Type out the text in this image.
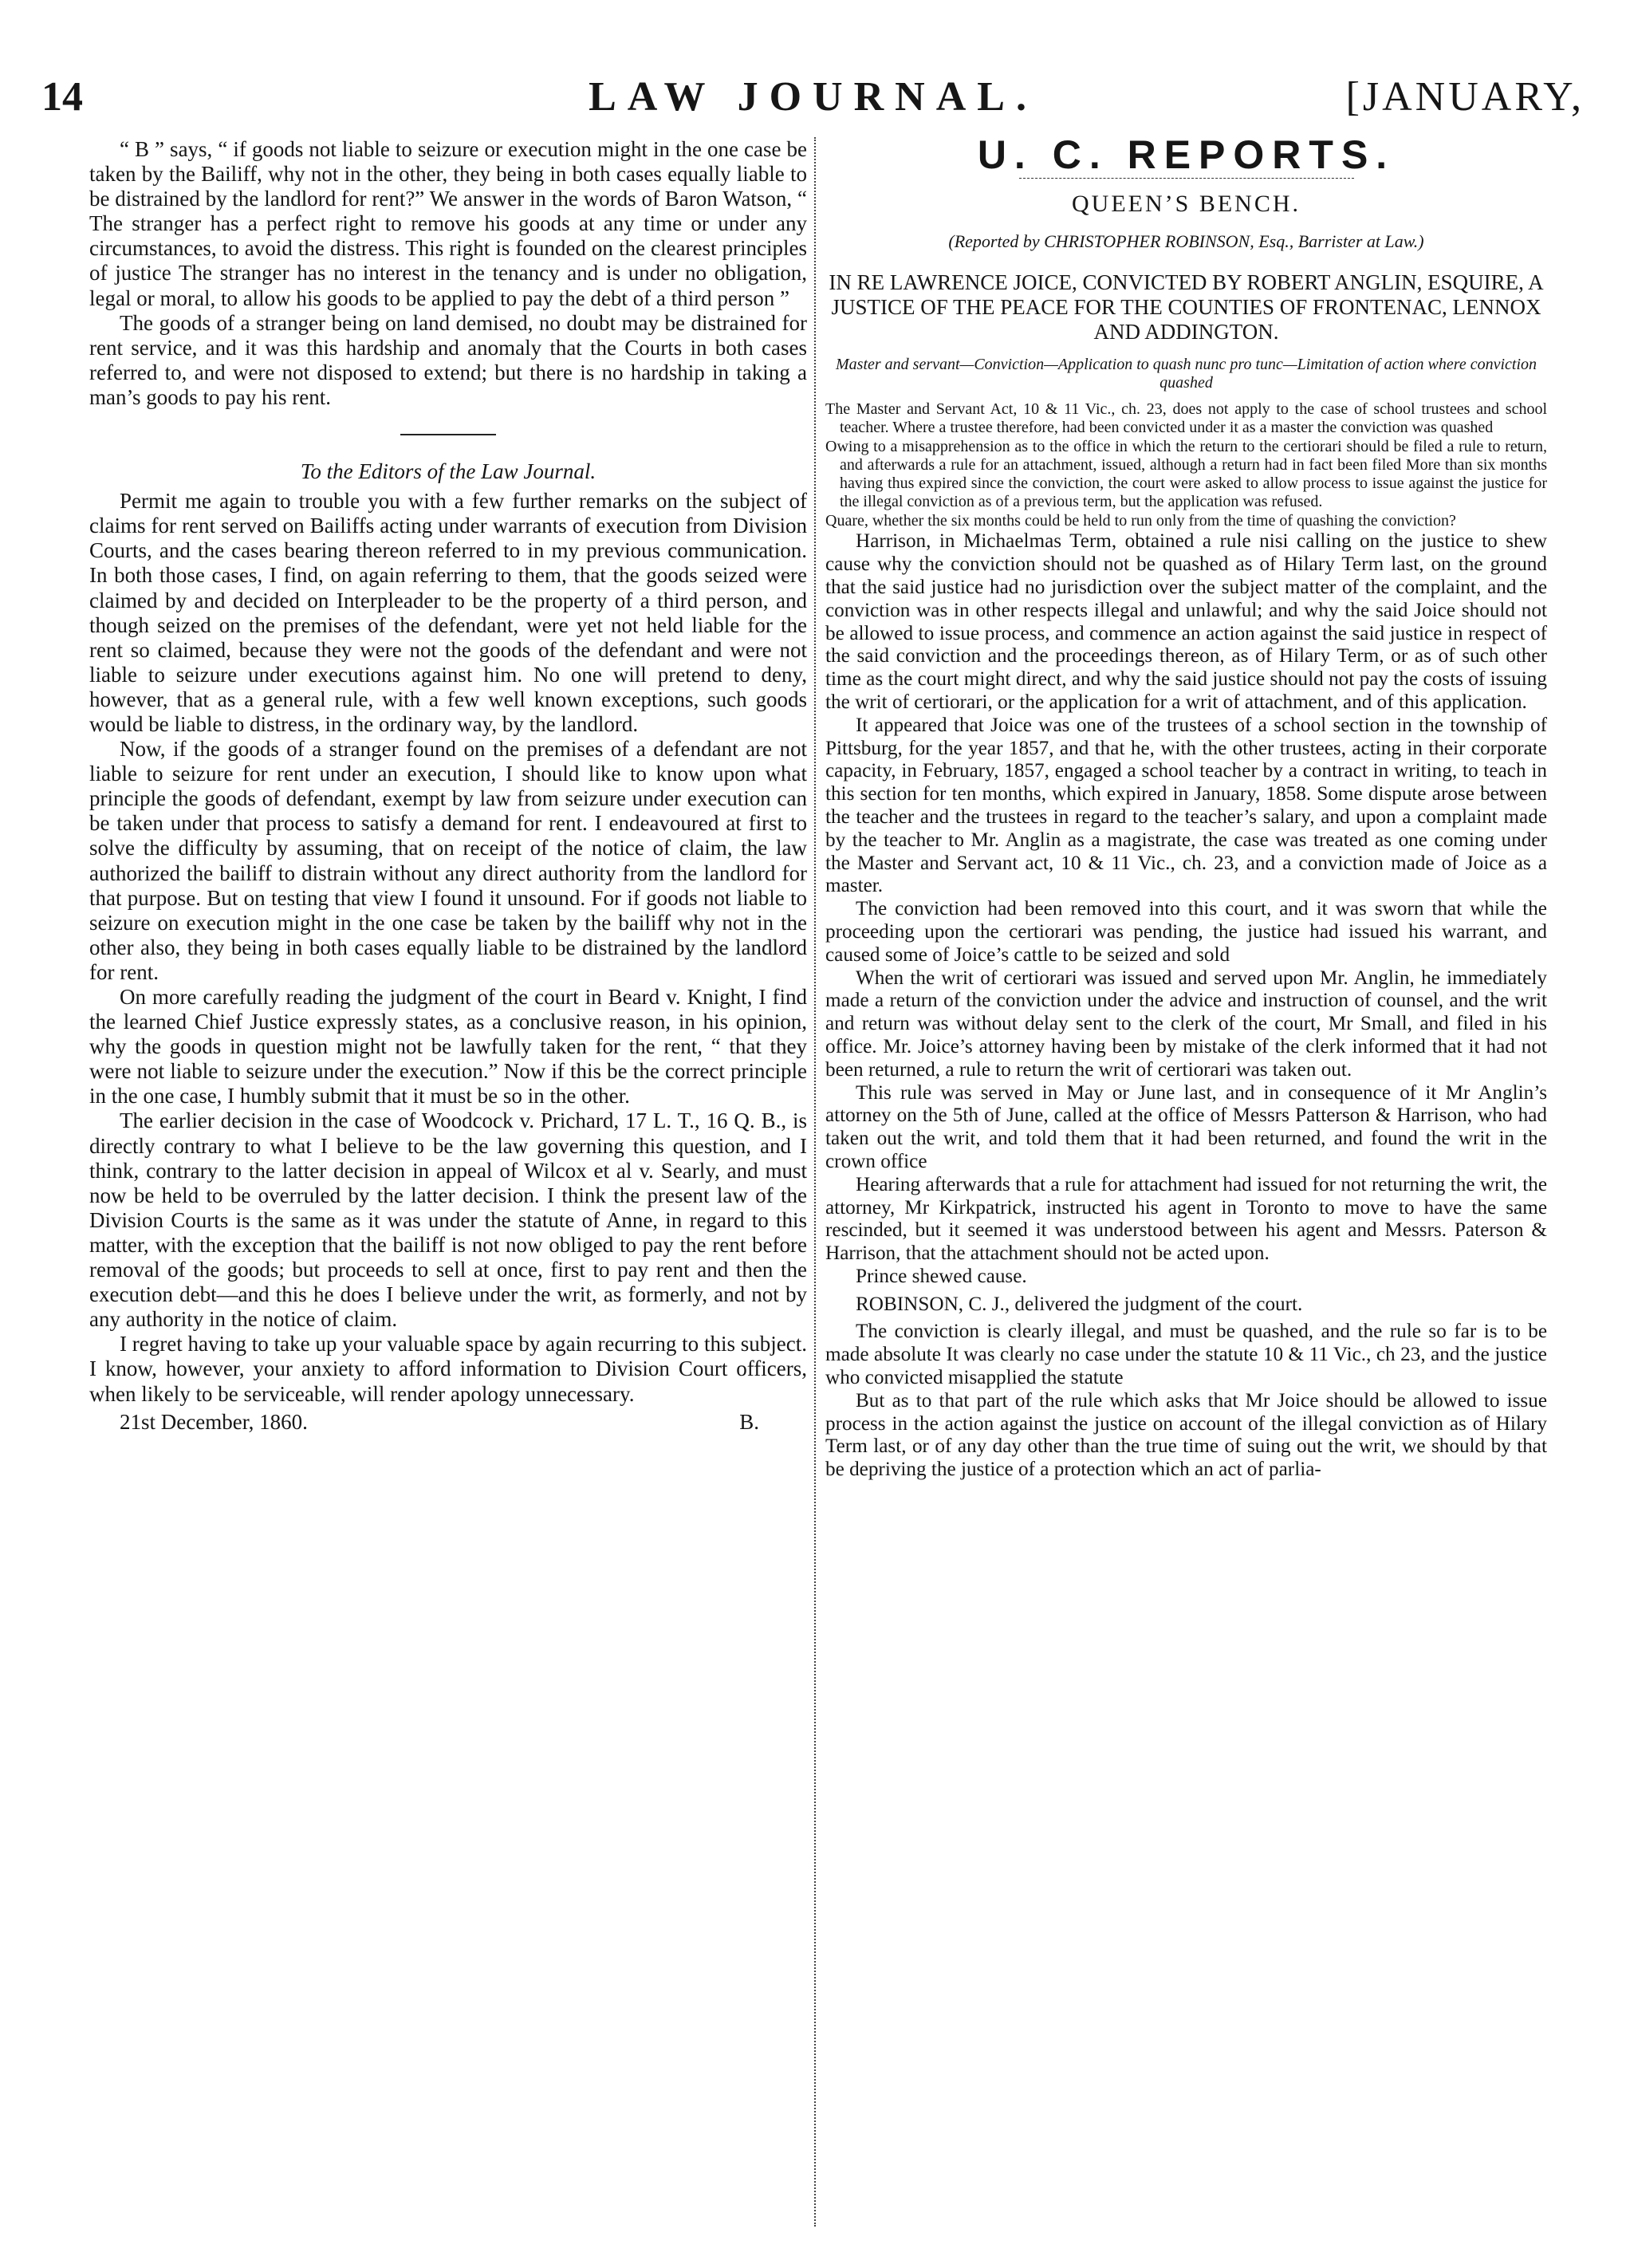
14	LAW JOURNAL.	[JANUARY,

“ B ” says, “ if goods not liable to seizure or execution might in the one case be taken by the Bailiff, why not in the other, they being in both cases equally liable to be distrained by the landlord for rent?” We answer in the words of Baron Watson, “ The stranger has a perfect right to remove his goods at any time or under any circumstances, to avoid the distress. This right is founded on the clearest principles of justice The stranger has no interest in the tenancy and is under no obligation, legal or moral, to allow his goods to be applied to pay the debt of a third person ”

The goods of a stranger being on land demised, no doubt may be distrained for rent service, and it was this hardship and anomaly that the Courts in both cases referred to, and were not disposed to extend; but there is no hardship in taking a man’s goods to pay his rent.

To the Editors of the Law Journal.

Permit me again to trouble you with a few further remarks on the subject of claims for rent served on Bailiffs acting under warrants of execution from Division Courts, and the cases bearing thereon referred to in my previous communication. In both those cases, I find, on again referring to them, that the goods seized were claimed by and decided on Interpleader to be the property of a third person, and though seized on the premises of the defendant, were yet not held liable for the rent so claimed, because they were not the goods of the defendant and were not liable to seizure under executions against him. No one will pretend to deny, however, that as a general rule, with a few well known exceptions, such goods would be liable to distress, in the ordinary way, by the landlord.

Now, if the goods of a stranger found on the premises of a defendant are not liable to seizure for rent under an execution, I should like to know upon what principle the goods of defendant, exempt by law from seizure under execution can be taken under that process to satisfy a demand for rent. I endeavoured at first to solve the difficulty by assuming, that on receipt of the notice of claim, the law authorized the bailiff to distrain without any direct authority from the landlord for that purpose. But on testing that view I found it unsound. For if goods not liable to seizure on execution might in the one case be taken by the bailiff why not in the other also, they being in both cases equally liable to be distrained by the landlord for rent.

On more carefully reading the judgment of the court in Beard v. Knight, I find the learned Chief Justice expressly states, as a conclusive reason, in his opinion, why the goods in question might not be lawfully taken for the rent, “ that they were not liable to seizure under the execution.” Now if this be the correct principle in the one case, I humbly submit that it must be so in the other.

The earlier decision in the case of Woodcock v. Prichard, 17 L. T., 16 Q. B., is directly contrary to what I believe to be the law governing this question, and I think, contrary to the latter decision in appeal of Wilcox et al v. Searly, and must now be held to be overruled by the latter decision. I think the present law of the Division Courts is the same as it was under the statute of Anne, in regard to this matter, with the exception that the bailiff is not now obliged to pay the rent before removal of the goods; but proceeds to sell at once, first to pay rent and then the execution debt—and this he does I believe under the writ, as formerly, and not by any authority in the notice of claim.

I regret having to take up your valuable space by again recurring to this subject. I know, however, your anxiety to afford information to Division Court officers, when likely to be serviceable, will render apology unnecessary.

21st December, 1860.	B.
U. C. REPORTS.
QUEEN’S BENCH.
(Reported by CHRISTOPHER ROBINSON, Esq., Barrister at Law.)
IN RE LAWRENCE JOICE, CONVICTED BY ROBERT ANGLIN, ESQUIRE, A JUSTICE OF THE PEACE FOR THE COUNTIES OF FRONTENAC, LENNOX AND ADDINGTON.
Master and servant—Conviction—Application to quash nunc pro tunc—Limitation of action where conviction quashed

The Master and Servant Act, 10 & 11 Vic., ch. 23, does not apply to the case of school trustees and school teacher. Where a trustee therefore, had been convicted under it as a master the conviction was quashed

Owing to a misapprehension as to the office in which the return to the certiorari should be filed a rule to return, and afterwards a rule for an attachment, issued, although a return had in fact been filed More than six months having thus expired since the conviction, the court were asked to allow process to issue against the justice for the illegal conviction as of a previous term, but the application was refused.

Quare, whether the six months could be held to run only from the time of quashing the conviction?

Harrison, in Michaelmas Term, obtained a rule nisi calling on the justice to shew cause why the conviction should not be quashed as of Hilary Term last, on the ground that the said justice had no jurisdiction over the subject matter of the complaint, and the conviction was in other respects illegal and unlawful; and why the said Joice should not be allowed to issue process, and commence an action against the said justice in respect of the said conviction and the proceedings thereon, as of Hilary Term, or as of such other time as the court might direct, and why the said justice should not pay the costs of issuing the writ of certiorari, or the application for a writ of attachment, and of this application.

It appeared that Joice was one of the trustees of a school section in the township of Pittsburg, for the year 1857, and that he, with the other trustees, acting in their corporate capacity, in February, 1857, engaged a school teacher by a contract in writing, to teach in this section for ten months, which expired in January, 1858. Some dispute arose between the teacher and the trustees in regard to the teacher’s salary, and upon a complaint made by the teacher to Mr. Anglin as a magistrate, the case was treated as one coming under the Master and Servant act, 10 & 11 Vic., ch. 23, and a conviction made of Joice as a master.

The conviction had been removed into this court, and it was sworn that while the proceeding upon the certiorari was pending, the justice had issued his warrant, and caused some of Joice’s cattle to be seized and sold

When the writ of certiorari was issued and served upon Mr. Anglin, he immediately made a return of the conviction under the advice and instruction of counsel, and the writ and return was without delay sent to the clerk of the court, Mr Small, and filed in his office. Mr. Joice’s attorney having been by mistake of the clerk informed that it had not been returned, a rule to return the writ of certiorari was taken out.

This rule was served in May or June last, and in consequence of it Mr Anglin’s attorney on the 5th of June, called at the office of Messrs Patterson & Harrison, who had taken out the writ, and told them that it had been returned, and found the writ in the crown office

Hearing afterwards that a rule for attachment had issued for not returning the writ, the attorney, Mr Kirkpatrick, instructed his agent in Toronto to move to have the same rescinded, but it seemed it was understood between his agent and Messrs. Paterson & Harrison, that the attachment should not be acted upon.

Prince shewed cause.

ROBINSON, C. J., delivered the judgment of the court.

The conviction is clearly illegal, and must be quashed, and the rule so far is to be made absolute It was clearly no case under the statute 10 & 11 Vic., ch 23, and the justice who convicted misapplied the statute

But as to that part of the rule which asks that Mr Joice should be allowed to issue process in the action against the justice on account of the illegal conviction as of Hilary Term last, or of any day other than the true time of suing out the writ, we should by that be depriving the justice of a protection which an act of parlia-
